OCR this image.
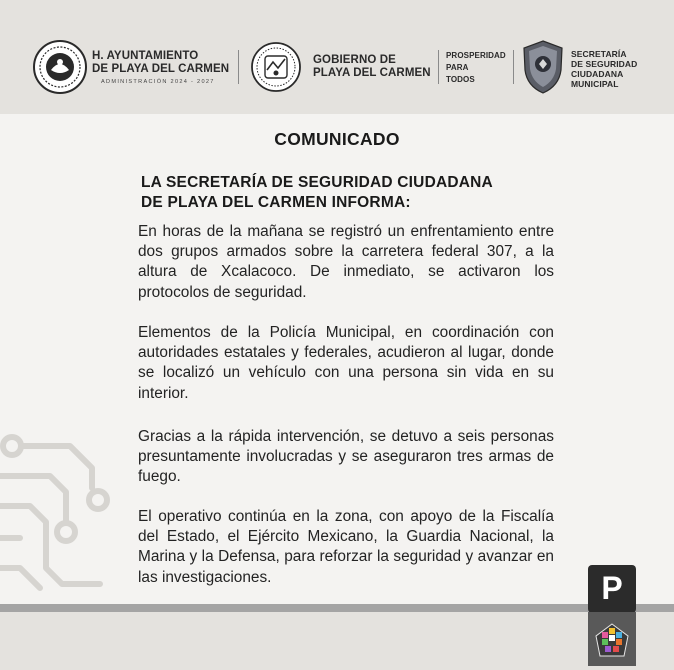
H. AYUNTAMIENTO
DE PLAYA DEL CARMEN
ADMINISTRACIÓN 2024 - 2027
GOBIERNO DE
PLAYA DEL CARMEN
PROSPERIDAD
PARA
TODOS
SECRETARÍA
DE SEGURIDAD
CIUDADANA
MUNICIPAL
COMUNICADO
LA SECRETARÍA DE SEGURIDAD CIUDADANA
DE PLAYA DEL CARMEN INFORMA:

En horas de la mañana se registró un enfrentamiento entre dos grupos armados sobre la carretera federal 307, a la altura de Xcalacoco. De inmediato, se activaron los protocolos de seguridad.

Elementos de la Policía Municipal, en coordinación con autoridades estatales y federales, acudieron al lugar, donde se localizó un vehículo con una persona sin vida en su interior.

Gracias a la rápida intervención, se detuvo a seis personas presuntamente involucradas y se aseguraron tres armas de fuego.

El operativo continúa en la zona, con apoyo de la Fiscalía del Estado, el Ejército Mexicano, la Guardia Nacional, la Marina y la Defensa, para reforzar la seguridad y avanzar en las investigaciones.	P
